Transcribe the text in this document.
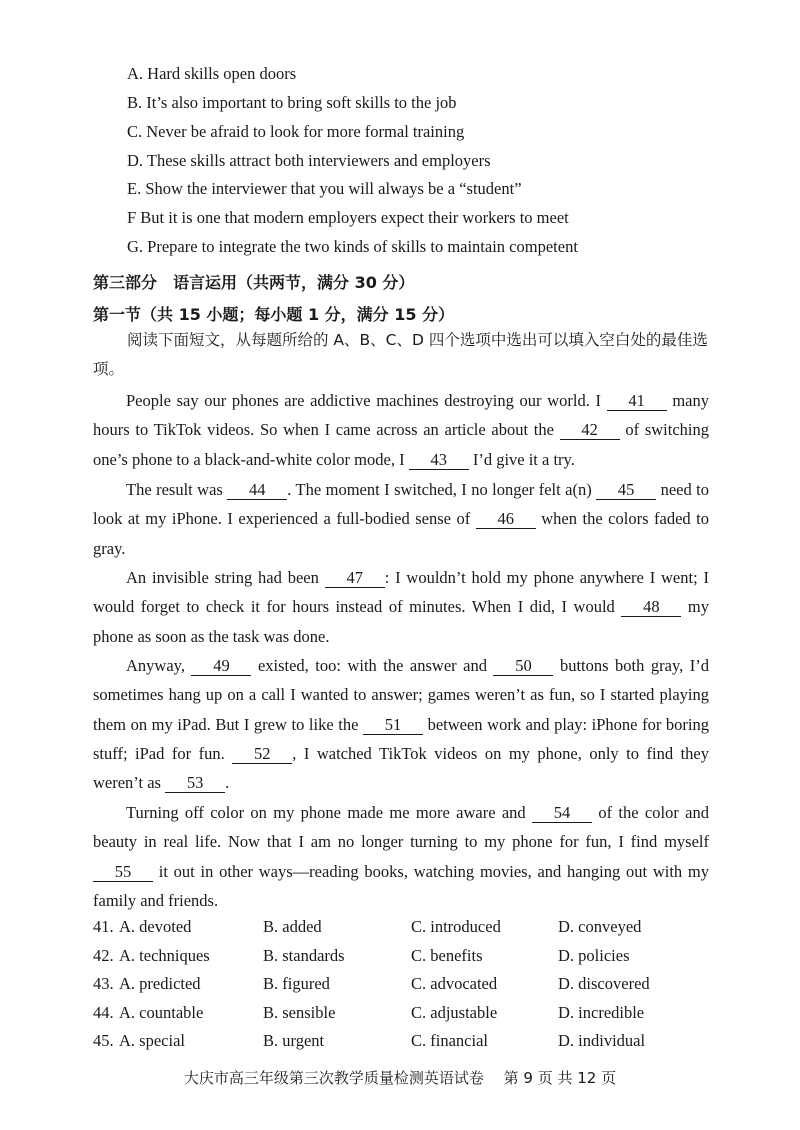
A. Hard skills open doors
B. It’s also important to bring soft skills to the job
C. Never be afraid to look for more formal training
D. These skills attract both interviewers and employers
E. Show the interviewer that you will always be a “student”
F But it is one that modern employers expect their workers to meet
G. Prepare to integrate the two kinds of skills to maintain competent
第三部分　语言运用（共两节，满分 30 分）
第一节（共 15 小题；每小题 1 分，满分 15 分）
阅读下面短文，从每题所给的 A、B、C、D 四个选项中选出可以填入空白处的最佳选项。
People say our phones are addictive machines destroying our world. I 41 many hours to TikTok videos. So when I came across an article about the 42 of switching one’s phone to a black-and-white color mode, I 43 I’d give it a try.
The result was 44 . The moment I switched, I no longer felt a(n) 45 need to look at my iPhone. I experienced a full-bodied sense of 46 when the colors faded to gray.
An invisible string had been 47 : I wouldn’t hold my phone anywhere I went; I would forget to check it for hours instead of minutes. When I did, I would 48 my phone as soon as the task was done.
Anyway, 49 existed, too: with the answer and 50 buttons both gray, I’d sometimes hang up on a call I wanted to answer; games weren’t as fun, so I started playing them on my iPad. But I grew to like the 51 between work and play: iPhone for boring stuff; iPad for fun. 52 , I watched TikTok videos on my phone, only to find they weren’t as 53 .
Turning off color on my phone made me more aware and 54 of the color and beauty in real life. Now that I am no longer turning to my phone for fun, I find myself 55 it out in other ways—reading books, watching movies, and hanging out with my family and friends.
41. A. devoted	B. added	C. introduced	D. conveyed
42. A. techniques	B. standards	C. benefits	D. policies
43. A. predicted	B. figured	C. advocated	D. discovered
44. A. countable	B. sensible	C. adjustable	D. incredible
45. A. special	B. urgent	C. financial	D. individual
大庆市高三年级第三次教学质量检测英语试卷　 第 9 页 共 12 页
